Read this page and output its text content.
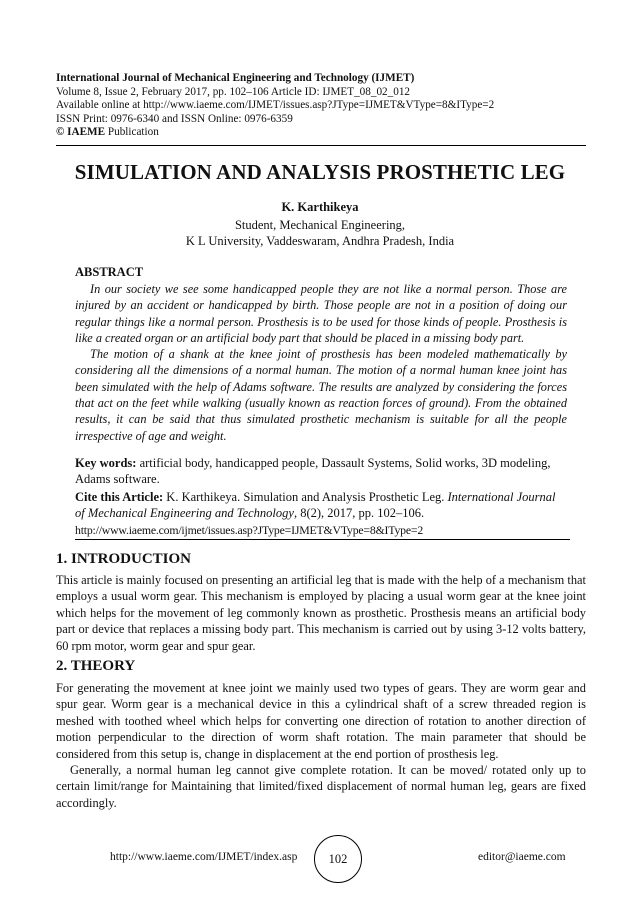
International Journal of Mechanical Engineering and Technology (IJMET)
Volume 8, Issue 2, February 2017, pp. 102–106 Article ID: IJMET_08_02_012
Available online at http://www.iaeme.com/IJMET/issues.asp?JType=IJMET&VType=8&IType=2
ISSN Print: 0976-6340 and ISSN Online: 0976-6359
© IAEME Publication
SIMULATION AND ANALYSIS PROSTHETIC LEG
K. Karthikeya
Student, Mechanical Engineering,
K L University, Vaddeswaram, Andhra Pradesh, India
ABSTRACT

In our society we see some handicapped people they are not like a normal person. Those are injured by an accident or handicapped by birth. Those people are not in a position of doing our regular things like a normal person. Prosthesis is to be used for those kinds of people. Prosthesis is like a created organ or an artificial body part that should be placed in a missing body part.

The motion of a shank at the knee joint of prosthesis has been modeled mathematically by considering all the dimensions of a normal human. The motion of a normal human knee joint has been simulated with the help of Adams software. The results are analyzed by considering the forces that act on the feet while walking (usually known as reaction forces of ground). From the obtained results, it can be said that thus simulated prosthetic mechanism is suitable for all the people irrespective of age and weight.

Key words: artificial body, handicapped people, Dassault Systems, Solid works, 3D modeling, Adams software.
Cite this Article: K. Karthikeya. Simulation and Analysis Prosthetic Leg. International Journal of Mechanical Engineering and Technology, 8(2), 2017, pp. 102–106.
http://www.iaeme.com/ijmet/issues.asp?JType=IJMET&VType=8&IType=2
1. INTRODUCTION

This article is mainly focused on presenting an artificial leg that is made with the help of a mechanism that employs a usual worm gear. This mechanism is employed by placing a usual worm gear at the knee joint which helps for the movement of leg commonly known as prosthetic. Prosthesis means an artificial body part or device that replaces a missing body part. This mechanism is carried out by using 3-12 volts battery, 60 rpm motor, worm gear and spur gear.

2. THEORY

For generating the movement at knee joint we mainly used two types of gears. They are worm gear and spur gear. Worm gear is a mechanical device in this a cylindrical shaft of a screw threaded region is meshed with toothed wheel which helps for converting one direction of rotation to another direction of motion perpendicular to the direction of worm shaft rotation. The main parameter that should be considered from this setup is, change in displacement at the end portion of prosthesis leg.

Generally, a normal human leg cannot give complete rotation. It can be moved/ rotated only up to certain limit/range for Maintaining that limited/fixed displacement of normal human leg, gears are fixed accordingly.

http://www.iaeme.com/IJMET/index.asp	102	editor@iaeme.com
